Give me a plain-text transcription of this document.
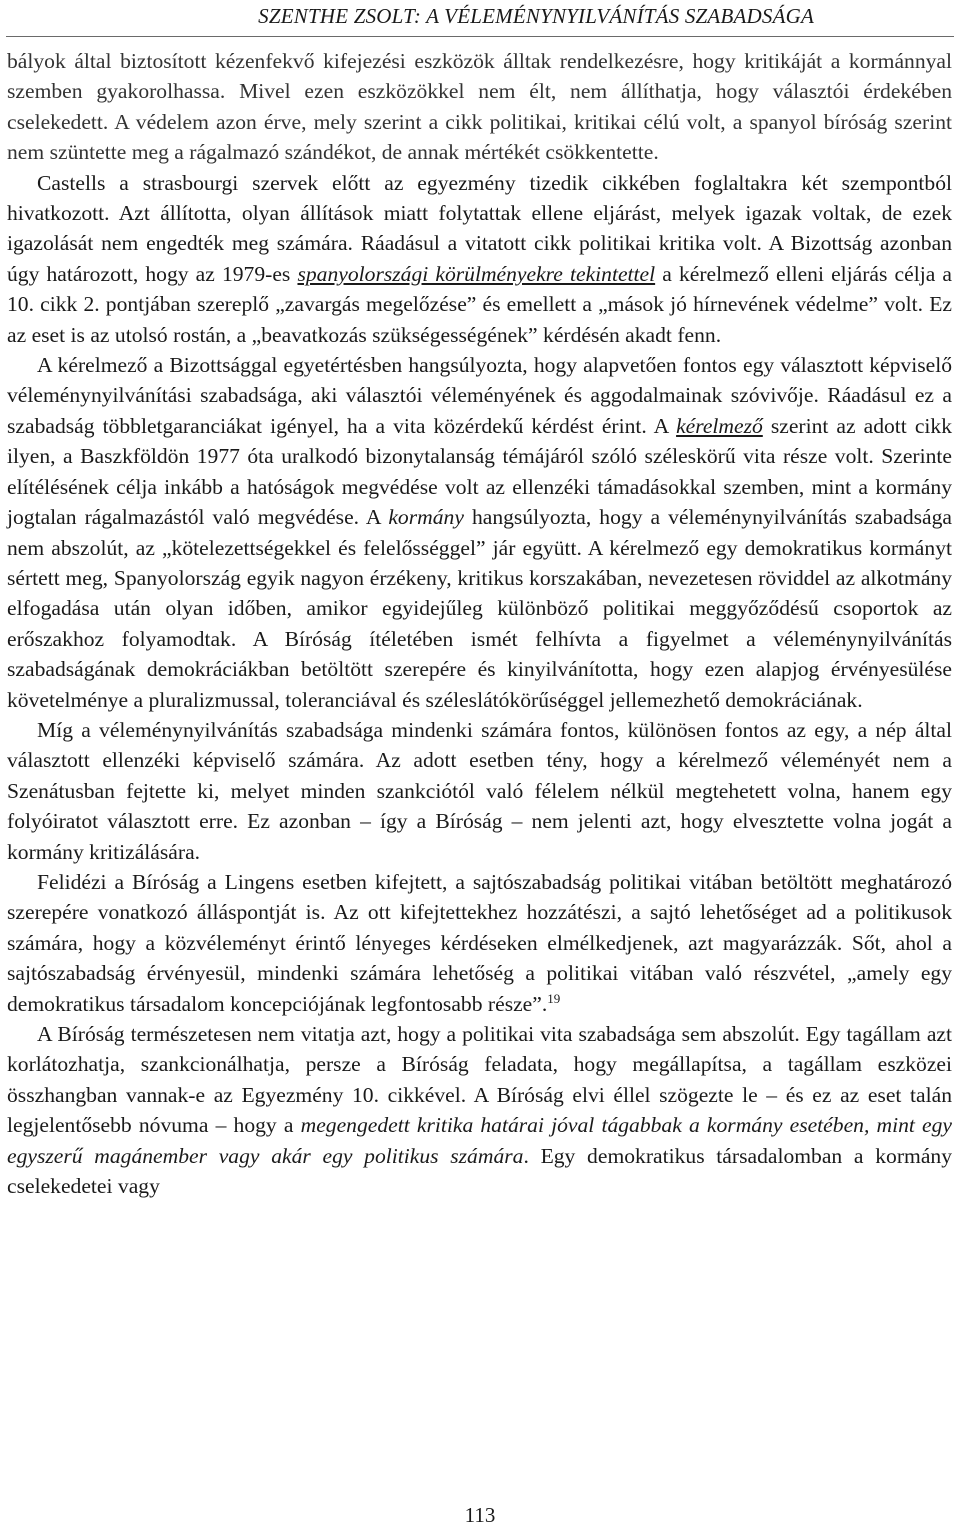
SZENTHE ZSOLT: A VÉLEMÉNYNYILVÁNÍTÁS SZABADSÁGA

bályok által biztosított kézenfekvő kifejezési eszközök álltak rendelkezésre, hogy kritikáját a kormánnyal szemben gyakorolhassa. Mivel ezen eszközökkel nem élt, nem állíthatja, hogy választói érdekében cselekedett. A védelem azon érve, mely szerint a cikk politikai, kritikai célú volt, a spanyol bíróság szerint nem szüntette meg a rágalmazó szándékot, de annak mértékét csökkentette.

Castells a strasbourgi szervek előtt az egyezmény tizedik cikkében foglaltakra két szempontból hivatkozott. Azt állította, olyan állítások miatt folytattak ellene eljárást, melyek igazak voltak, de ezek igazolását nem engedték meg számára. Ráadásul a vitatott cikk politikai kritika volt. A Bizottság azonban úgy határozott, hogy az 1979-es spanyolországi körülményekre tekintettel a kérelmező elleni eljárás célja a 10. cikk 2. pontjában szereplő „zavargás megelőzése” és emellett a „mások jó hírnevének védelme” volt. Ez az eset is az utolsó rostán, a „beavatkozás szükségességének” kérdésén akadt fenn.

A kérelmező a Bizottsággal egyetértésben hangsúlyozta, hogy alapvetően fontos egy választott képviselő véleménynyilvánítási szabadsága, aki választói véleményének és aggodalmainak szóvivője. Ráadásul ez a szabadság többletgaranciákat igényel, ha a vita közérdekű kérdést érint. A kérelmező szerint az adott cikk ilyen, a Baszkföldön 1977 óta uralkodó bizonytalanság témájáról szóló széleskörű vita része volt. Szerinte elítélésének célja inkább a hatóságok megvédése volt az ellenzéki támadásokkal szemben, mint a kormány jogtalan rágalmazástól való megvédése. A kormány hangsúlyozta, hogy a véleménynyilvánítás szabadsága nem abszolút, az „kötelezettségekkel és felelősséggel” jár együtt. A kérelmező egy demokratikus kormányt sértett meg, Spanyolország egyik nagyon érzékeny, kritikus korszakában, nevezetesen röviddel az alkotmány elfogadása után olyan időben, amikor egyidejűleg különböző politikai meggyőződésű csoportok az erőszakhoz folyamodtak. A Bíróság ítéletében ismét felhívta a figyelmet a véleménynyilvánítás szabadságának demokráciákban betöltött szerepére és kinyilvánította, hogy ezen alapjog érvényesülése követelménye a pluralizmussal, toleranciával és széleslátókörűséggel jellemezhető demokráciának.

Míg a véleménynyilvánítás szabadsága mindenki számára fontos, különösen fontos az egy, a nép által választott ellenzéki képviselő számára. Az adott esetben tény, hogy a kérelmező véleményét nem a Szenátusban fejtette ki, melyet minden szankciótól való félelem nélkül megtehetett volna, hanem egy folyóiratot választott erre. Ez azonban – így a Bíróság – nem jelenti azt, hogy elvesztette volna jogát a kormány kritizálására.

Felidézi a Bíróság a Lingens esetben kifejtett, a sajtószabadság politikai vitában betöltött meghatározó szerepére vonatkozó álláspontját is. Az ott kifejtettekhez hozzátészi, a sajtó lehetőséget ad a politikusok számára, hogy a közvéleményt érintő lényeges kérdéseken elmélkedjenek, azt magyarázzák. Sőt, ahol a sajtószabadság érvényesül, mindenki számára lehetőség a politikai vitában való részvétel, „amely egy demokratikus társadalom koncepciójának legfontosabb része”.$^{19}$

A Bíróság természetesen nem vitatja azt, hogy a politikai vita szabadsága sem abszolút. Egy tagállam azt korlátozhatja, szankcionálhatja, persze a Bíróság feladata, hogy megállapítsa, a tagállam eszközei összhangban vannak-e az Egyezmény 10. cikkével. A Bíróság elvi éllel szögezte le – és ez az eset talán legjelentősebb nóvuma – hogy a megengedett kritika határai jóval tágabbak a kormány esetében, mint egy egyszerű magánember vagy akár egy politikus számára. Egy demokratikus társadalomban a kormány cselekedetei vagy

113
